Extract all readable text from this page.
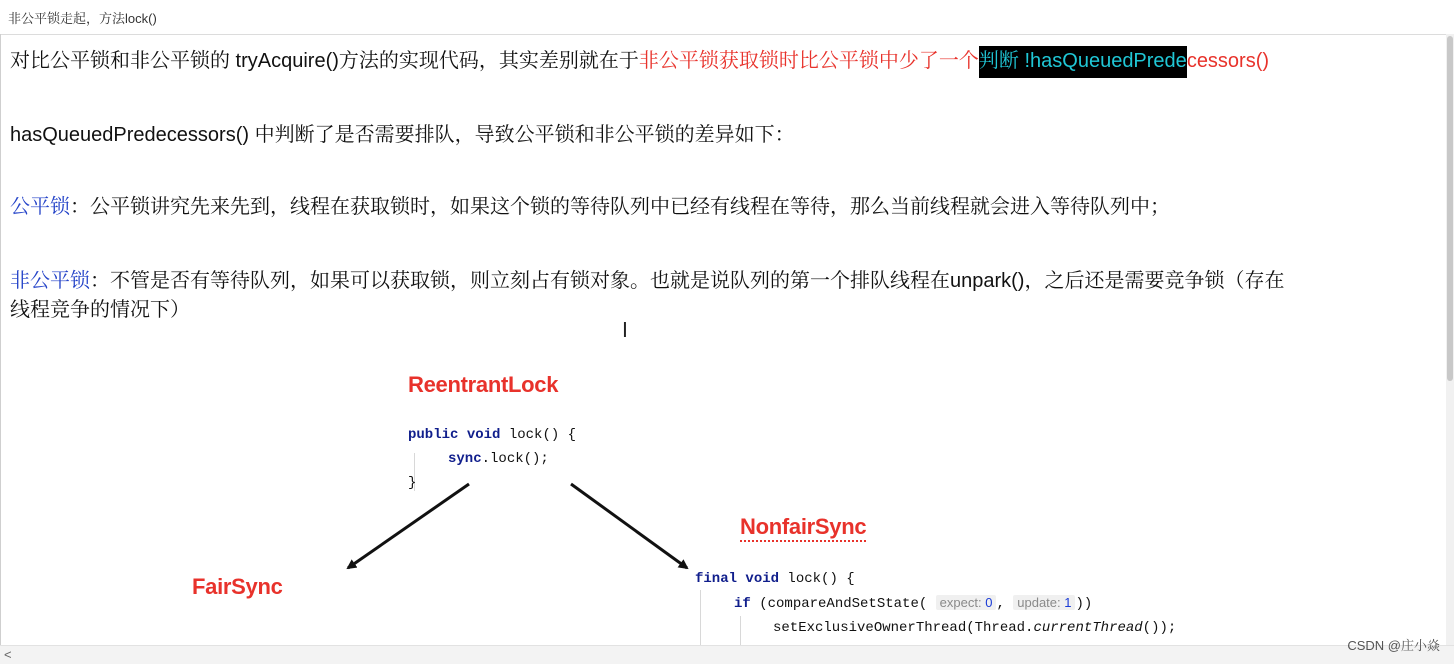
非公平锁走起，方法lock()
对比公平锁和非公平锁的 tryAcquire()方法的实现代码，其实差别就在于非公平锁获取锁时比公平锁中少了一个判断 !hasQueuedPredecessors()
hasQueuedPredecessors() 中判断了是否需要排队，导致公平锁和非公平锁的差异如下：
公平锁：公平锁讲究先来先到，线程在获取锁时，如果这个锁的等待队列中已经有线程在等待，那么当前线程就会进入等待队列中；
非公平锁：不管是否有等待队列，如果可以获取锁，则立刻占有锁对象。也就是说队列的第一个排队线程在unpark()，之后还是需要竞争锁（存在
线程竞争的情况下）
I
ReentrantLock
public void lock() {
sync.lock();
}
FairSync
NonfairSync
final void lock() {
if (compareAndSetState( expect: 0 , update: 1 ))
setExclusiveOwnerThread(Thread.currentThread());
<
CSDN @庄小焱
